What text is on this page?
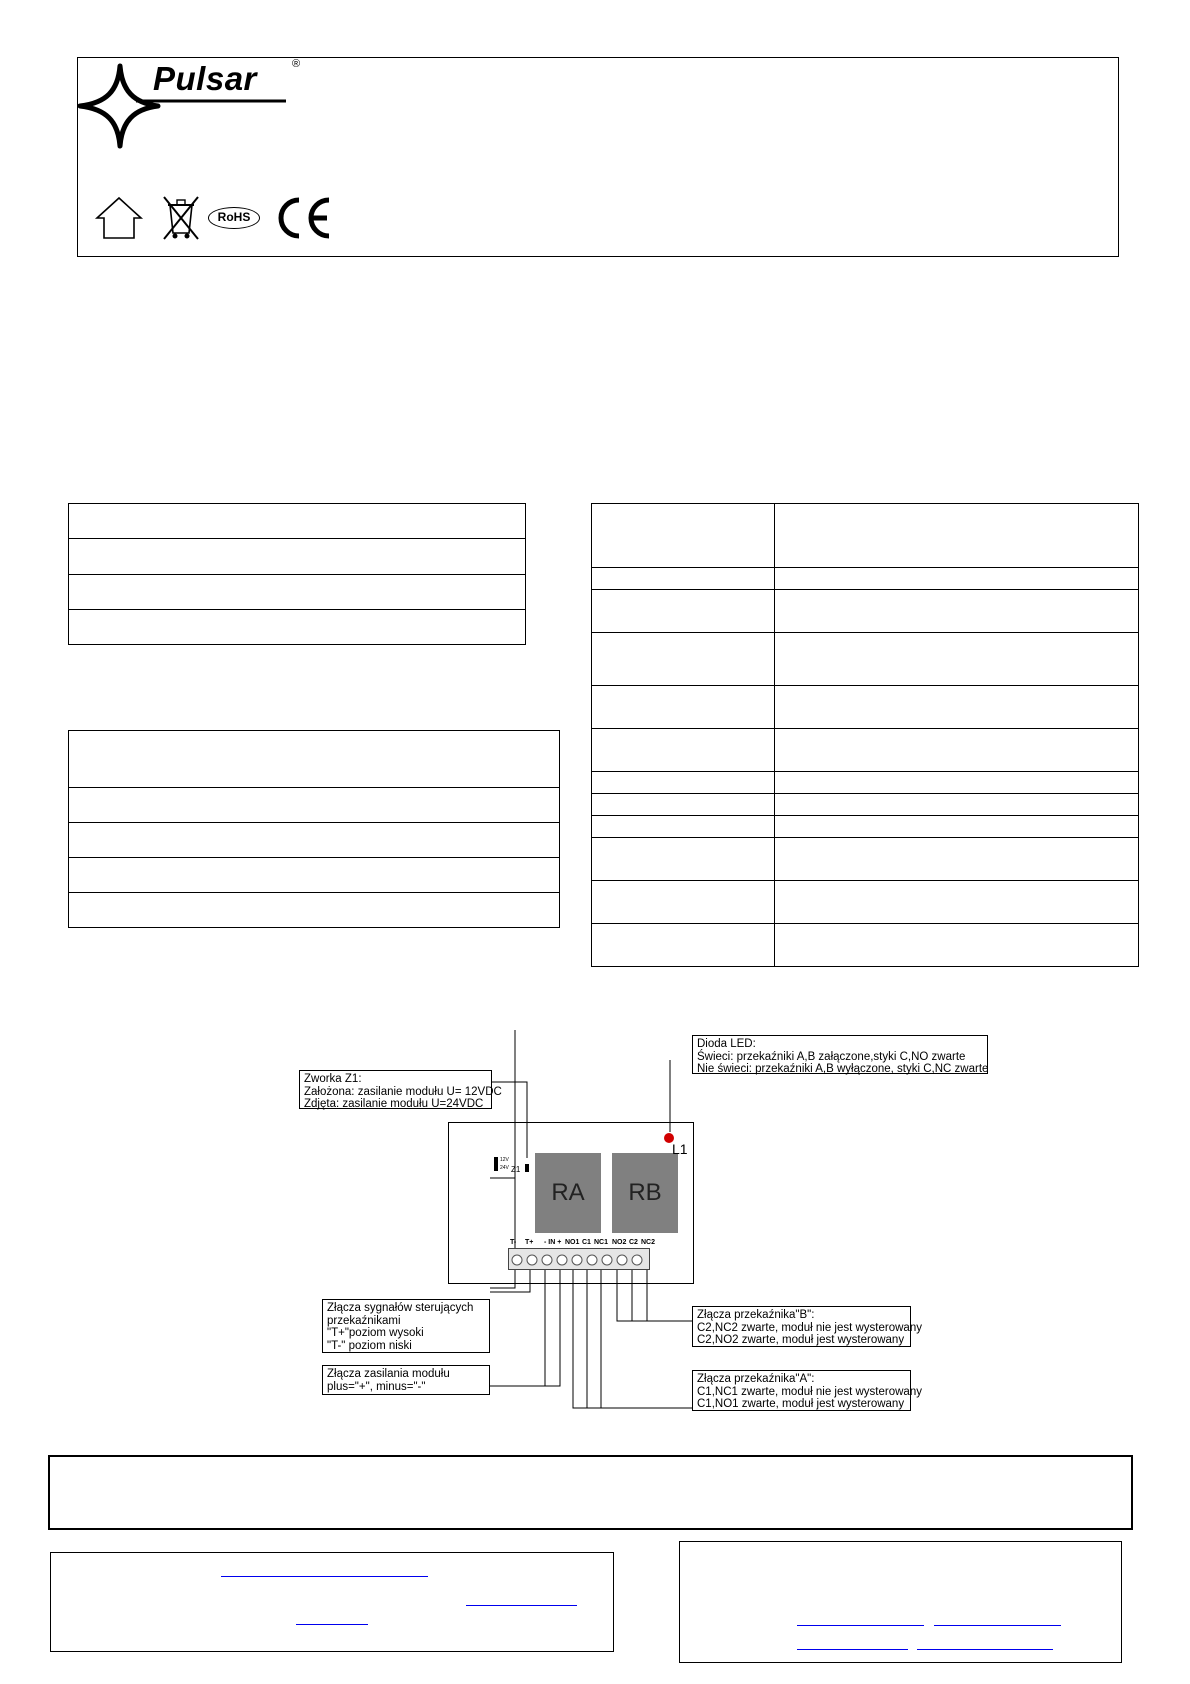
Pulsar	®
RoHS

RA	RB
L1
12V
24V Z1
T- T+ - IN + NO1 C1 NC1 NO2 C2 NC2
Zworka Z1:
Założona: zasilanie modułu U= 12VDC
Zdjęta: zasilanie modułu U=24VDC
Dioda LED:
Świeci: przekaźniki A,B załączone,styki C,NO zwarte
Nie świeci: przekaźniki A,B wyłączone, styki C,NC zwarte
Złącza sygnałów sterujących
przekaźnikami
"T+"poziom wysoki
"T-" poziom niski
Złącza zasilania modułu
plus="+", minus="-"
Złącza przekaźnika"B":
C2,NC2 zwarte, moduł nie jest wysterowany
C2,NO2 zwarte, moduł jest wysterowany
Złącza przekaźnika"A":
C1,NC1 zwarte, moduł nie jest wysterowany
C1,NO1 zwarte, moduł jest wysterowany
